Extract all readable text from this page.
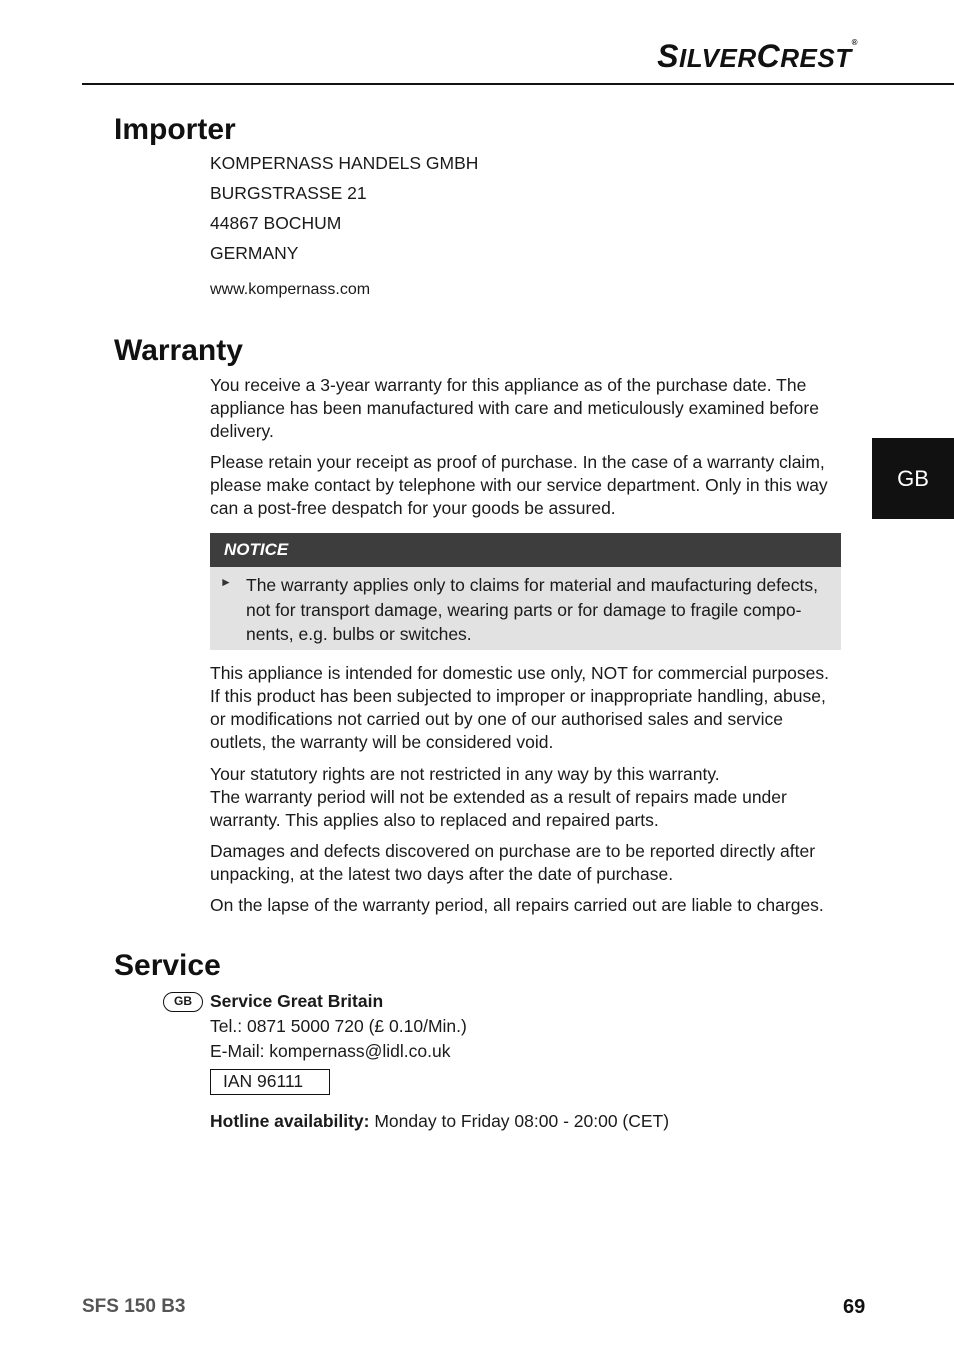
SILVERCREST®
GB
Importer

KOMPERNASS HANDELS GMBH

BURGSTRASSE 21

44867 BOCHUM

GERMANY

www.kompernass.com

Warranty

You receive a 3-year warranty for this appliance as of the purchase date. The appliance has been manufactured with care and meticulously examined before delivery.

Please retain your receipt as proof of purchase. In the case of a warranty claim, please make contact by telephone with our service department. Only in this way can a post-free despatch for your goods be assured.

NOTICE
► The warranty applies only to claims for material and maufacturing defects, not for transport damage, wearing parts or for damage to fragile compo-nents, e.g. bulbs or switches.

This appliance is intended for domestic use only, NOT for commercial purposes. If this product has been subjected to improper or inappropriate handling, abuse, or modifications not carried out by one of our authorised sales and service outlets, the warranty will be considered void.

Your statutory rights are not restricted in any way by this warranty.

The warranty period will not be extended as a result of repairs made under warranty. This applies also to replaced and repaired parts.

Damages and defects discovered on purchase are to be reported directly after unpacking, at the latest two days after the date of purchase.

On the lapse of the warranty period, all repairs carried out are liable to charges.

Service
GB	Service Great Britain

Tel.: 0871 5000 720 (£ 0.10/Min.)

E-Mail: kompernass@lidl.co.uk

IAN 96111

Hotline availability: Monday to Friday 08:00 - 20:00 (CET)

SFS 150 B3	69
